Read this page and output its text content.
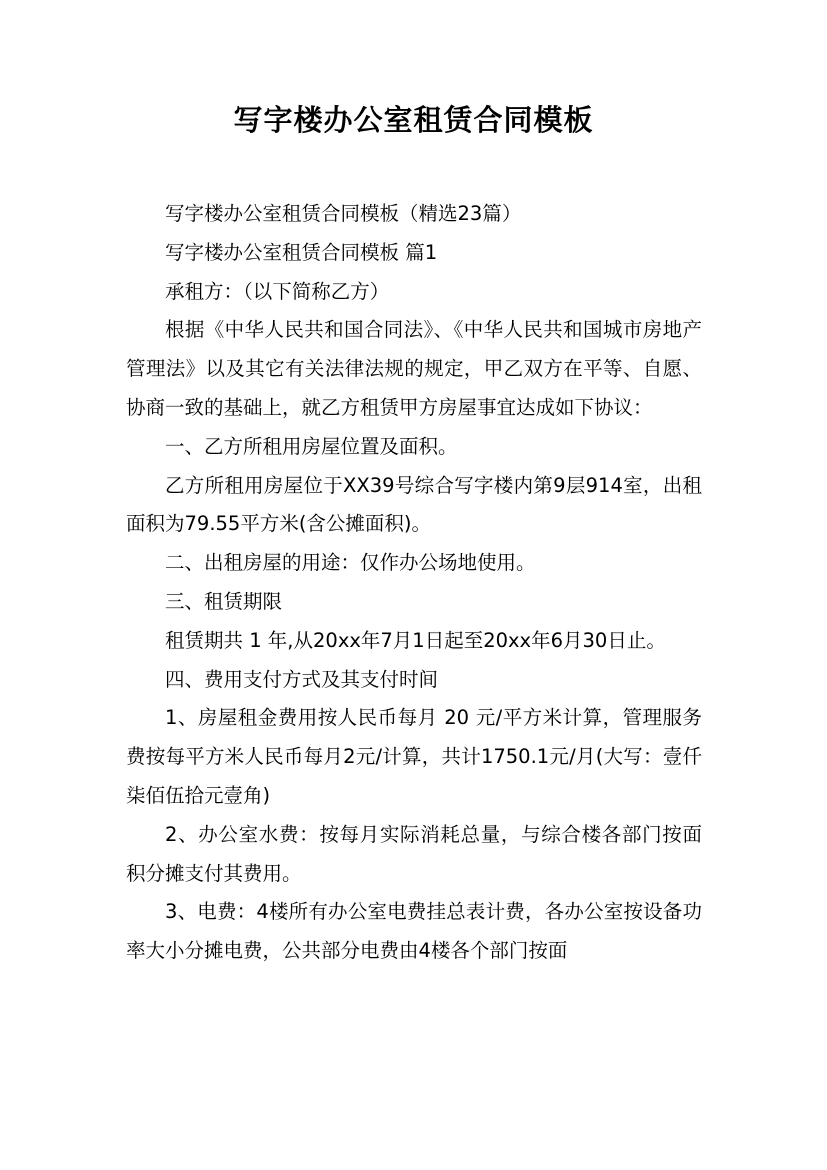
写字楼办公室租赁合同模板

写字楼办公室租赁合同模板（精选23篇）

写字楼办公室租赁合同模板 篇1

承租方：（以下简称乙方）

根据《中华人民共和国合同法》、《中华人民共和国城市房地产管理法》以及其它有关法律法规的规定，甲乙双方在平等、自愿、协商一致的基础上，就乙方租赁甲方房屋事宜达成如下协议：

一、乙方所租用房屋位置及面积。

乙方所租用房屋位于XX39号综合写字楼内第9层914室，出租面积为79.55平方米(含公摊面积)。

二、出租房屋的用途：仅作办公场地使用。

三、租赁期限

租赁期共 1 年,从20xx年7月1日起至20xx年6月30日止。

四、费用支付方式及其支付时间

1、房屋租金费用按人民币每月 20 元/平方米计算，管理服务费按每平方米人民币每月2元/计算，共计1750.1元/月(大写：壹仟柒佰伍拾元壹角)

2、办公室水费：按每月实际消耗总量，与综合楼各部门按面积分摊支付其费用。

3、电费：4楼所有办公室电费挂总表计费，各办公室按设备功率大小分摊电费，公共部分电费由4楼各个部门按面
